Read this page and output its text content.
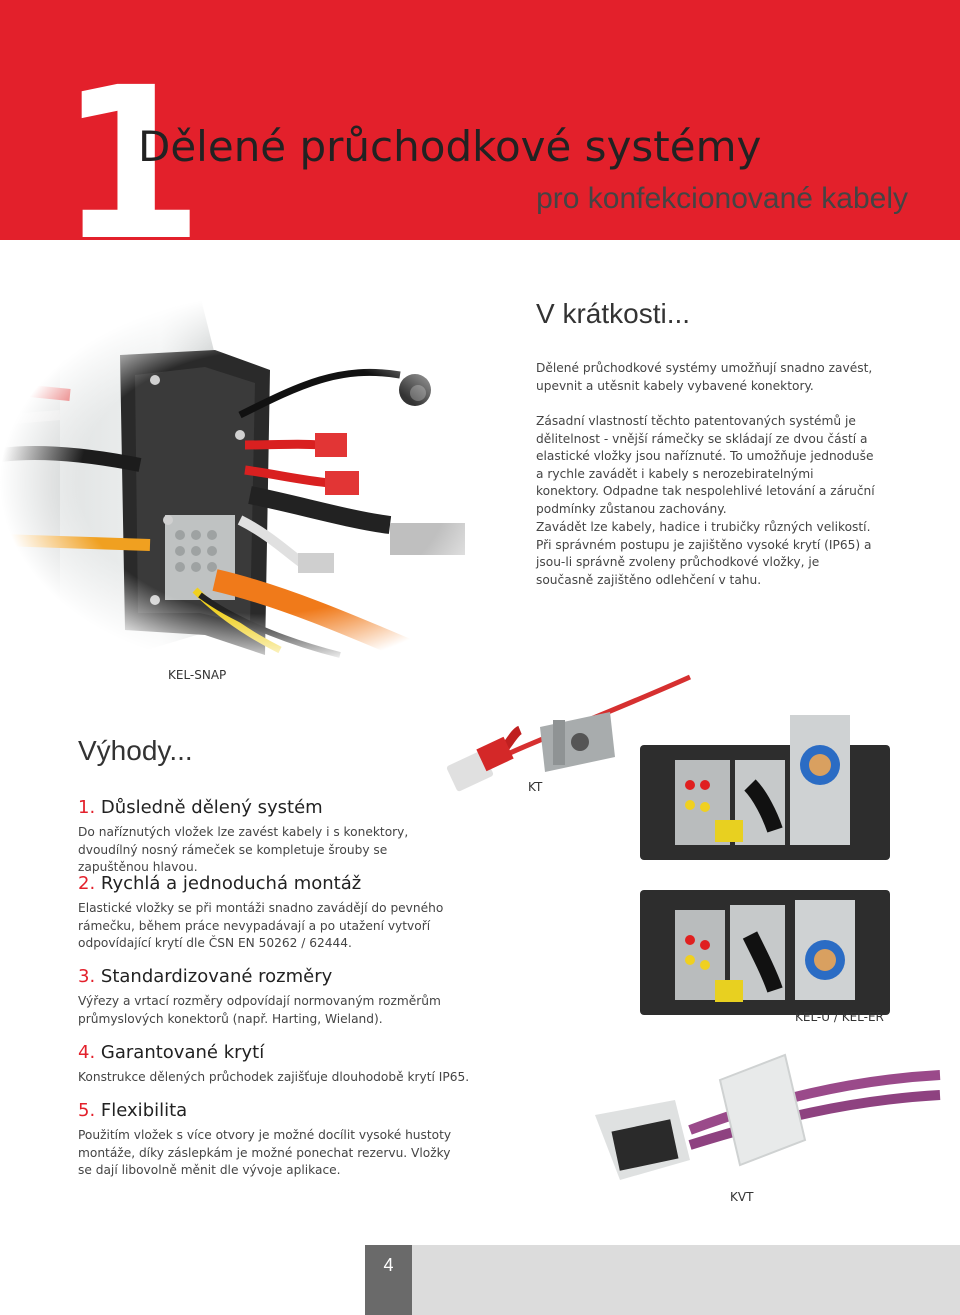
1
Dělené průchodkové systémy
pro konfekcionované kabely
V krátkosti...
Dělené průchodkové systémy umožňují snadno zavést, upevnit a utěsnit kabely vybavené konektory.
Zásadní vlastností těchto patentovaných systémů je dělitelnost - vnější rámečky se skládají ze dvou částí a elastické vložky jsou naříznuté. To umožňuje jednoduše a rychle zavádět i kabely s nerozebiratelnými konektory. Odpadne tak nespolehlivé letování a záruční podmínky zůstanou zachovány.
Zavádět lze kabely, hadice i trubičky různých velikostí. Při správném postupu je zajištěno vysoké krytí (IP65) a jsou-li správně zvoleny průchodkové vložky, je současně zajištěno odlehčení v tahu.
KEL-SNAP
KT
KEL-U / KEL-ER
KVT
Výhody...
1. Důsledně dělený systém
Do naříznutých vložek lze zavést kabely i s konektory, dvoudílný nosný rámeček se kompletuje šrouby se zapuštěnou hlavou.
2. Rychlá a jednoduchá montáž
Elastické vložky se při montáži snadno zavádějí do pevného rámečku, během práce nevypadávají a po utažení vytvoří odpovídající krytí dle ČSN EN 50262 / 62444.
3. Standardizované rozměry
Výřezy a vrtací rozměry odpovídají normovaným rozměrům průmyslových konektorů (např. Harting, Wieland).
4. Garantované krytí
Konstrukce dělených průchodek zajišťuje dlouhodobě krytí IP65.
5. Flexibilita
Použitím vložek s více otvory je možné docílit vysoké hustoty montáže, díky záslepkám je možné ponechat rezervu. Vložky se dají libovolně měnit dle vývoje aplikace.
4
